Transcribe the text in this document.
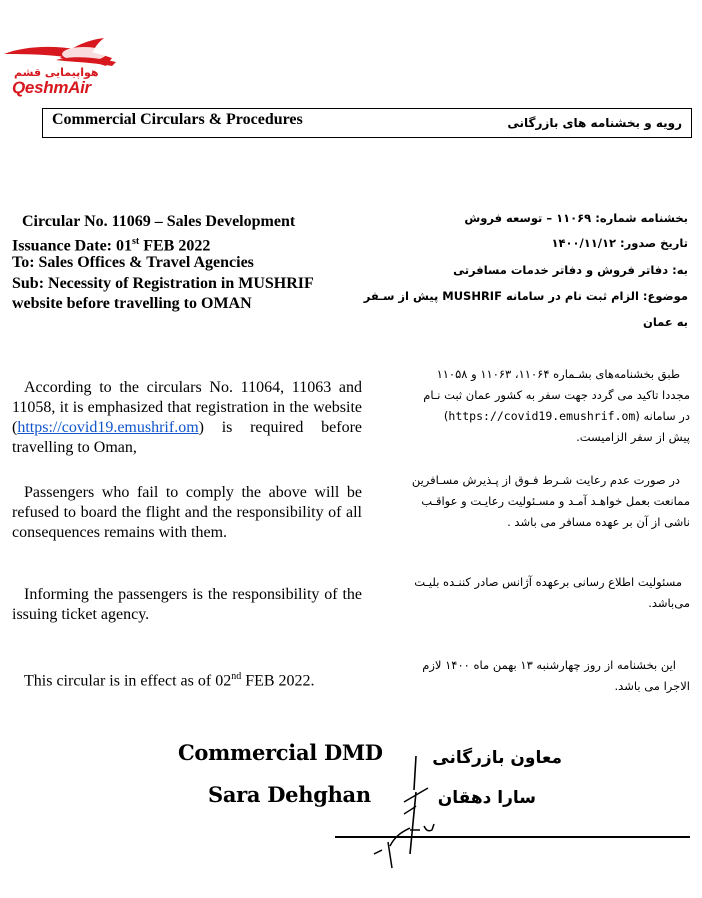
هواپیمایی قشم
QeshmAir
Commercial Circulars & Procedures	رویه و بخشنامه های بازرگانی
Circular No. 11069 – Sales Development
Issuance Date: 01st FEB 2022
To: Sales Offices & Travel Agencies
Sub: Necessity of Registration in MUSHRIF
website before travelling to OMAN
بخشنامه شماره: ۱۱۰۶۹ – توسعه فروش
تاریخ صدور: ۱۴۰۰/۱۱/۱۲
به: دفاتر فروش و دفاتر خدمات مسافرتی
موضوع: الزام ثبت نام در سامانه MUSHRIF پیش از سـفر
به عمان
According to the circulars No. 11064, 11063 and 11058, it is emphasized that registration in the website (https://covid19.emushrif.om) is required before travelling to Oman,
Passengers who fail to comply the above will be refused to board the flight and the responsibility of all consequences remains with them.
Informing the passengers is the responsibility of the issuing ticket agency.
This circular is in effect as of 02nd FEB 2022.
طبق بخشنامه‌های بشـماره ۱۱۰۶۴، ۱۱۰۶۳ و ۱۱۰۵۸
مجددا تاکید می گردد جهت سفر به کشور عمان ثبت نـام
در سامانه (https://covid19.emushrif.om)
پیش از سفر الزامیست.
در صورت عدم رعایت شـرط فـوق از پـذیرش مسـافرین
ممانعت بعمل خواهـد آمـد و مسـئولیت رعایـت و عواقـب
ناشی از آن بر عهده مسافر می باشد .
مسئولیت اطلاع رسانی برعهده آژانس صادر کننـده بلیـت
می‌باشد.
این بخشنامه از روز چهارشنبه ۱۳ بهمن ماه ۱۴۰۰ لازم
الاجرا می باشد.
Commercial DMD
Sara Dehghan
معاون بازرگانی
سارا دهقان
